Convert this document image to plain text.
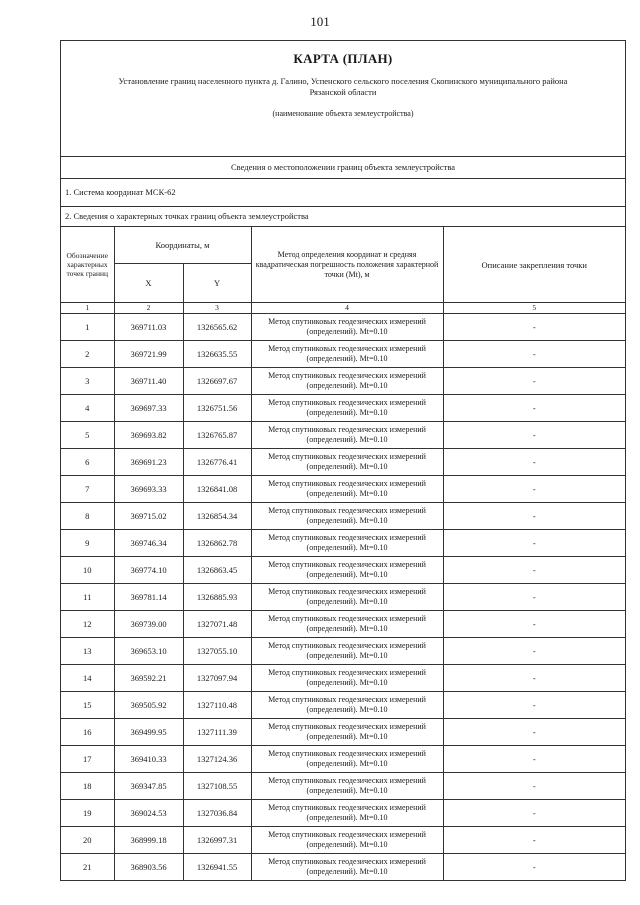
101
КАРТА (ПЛАН)
Установление границ населенного пункта д. Галино, Успенского сельского поселения Скопинского муниципального района Рязанской области
(наименование объекта землеустройства)
Сведения о местоположении границ объекта землеустройства
1. Система координат МСК-62
2. Сведения о характерных точках границ объекта землеустройства
Обозначение характерных точек границ	Координаты, м		Метод определения координат и средняя квадратическая погрешность положения характерной точки (Mt), м	Описание закрепления точки
	X	Y		
1	2	3	4	5
1	369711.03	1326565.62	Метод спутниковых геодезических измерений (определений). Mt=0.10	-
2	369721.99	1326635.55	Метод спутниковых геодезических измерений (определений). Mt=0.10	-
3	369711.40	1326697.67	Метод спутниковых геодезических измерений (определений). Mt=0.10	-
4	369697.33	1326751.56	Метод спутниковых геодезических измерений (определений). Mt=0.10	-
5	369693.82	1326765.87	Метод спутниковых геодезических измерений (определений). Mt=0.10	-
6	369691.23	1326776.41	Метод спутниковых геодезических измерений (определений). Mt=0.10	-
7	369693.33	1326841.08	Метод спутниковых геодезических измерений (определений). Mt=0.10	-
8	369715.02	1326854.34	Метод спутниковых геодезических измерений (определений). Mt=0.10	-
9	369746.34	1326862.78	Метод спутниковых геодезических измерений (определений). Mt=0.10	-
10	369774.10	1326863.45	Метод спутниковых геодезических измерений (определений). Mt=0.10	-
11	369781.14	1326885.93	Метод спутниковых геодезических измерений (определений). Mt=0.10	-
12	369739.00	1327071.48	Метод спутниковых геодезических измерений (определений). Mt=0.10	-
13	369653.10	1327055.10	Метод спутниковых геодезических измерений (определений). Mt=0.10	-
14	369592.21	1327097.94	Метод спутниковых геодезических измерений (определений). Mt=0.10	-
15	369505.92	1327110.48	Метод спутниковых геодезических измерений (определений). Mt=0.10	-
16	369499.95	1327111.39	Метод спутниковых геодезических измерений (определений). Mt=0.10	-
17	369410.33	1327124.36	Метод спутниковых геодезических измерений (определений). Mt=0.10	-
18	369347.85	1327108.55	Метод спутниковых геодезических измерений (определений). Mt=0.10	-
19	369024.53	1327036.84	Метод спутниковых геодезических измерений (определений). Mt=0.10	-
20	368999.18	1326997.31	Метод спутниковых геодезических измерений (определений). Mt=0.10	-
21	368903.56	1326941.55	Метод спутниковых геодезических измерений (определений). Mt=0.10	-
